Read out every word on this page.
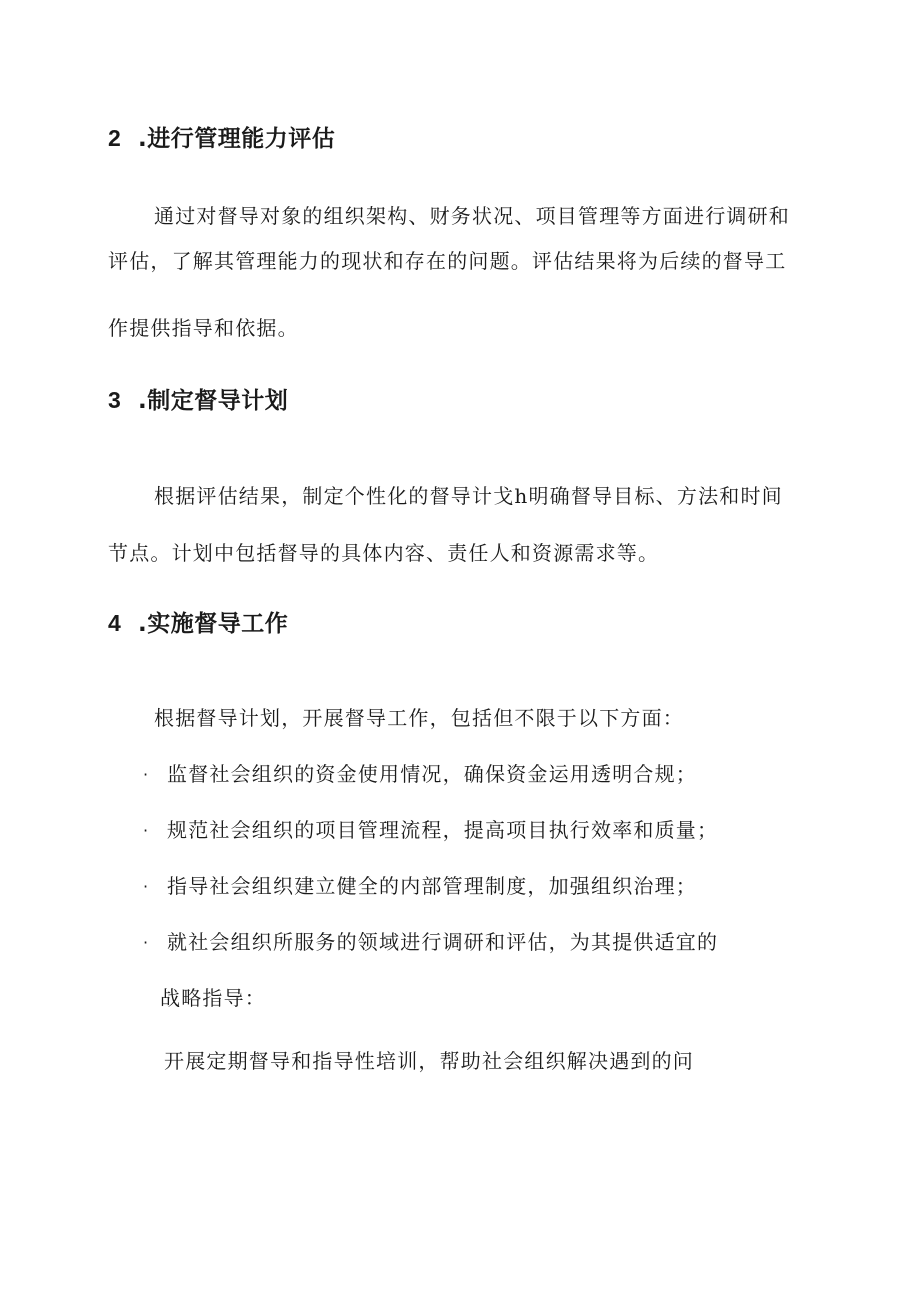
2 .进行管理能力评估
通过对督导对象的组织架构、财务状况、项目管理等方面进行调研和
评估，了解其管理能力的现状和存在的问题。评估结果将为后续的督导工
作提供指导和依据。
3 .制定督导计划
根据评估结果，制定个性化的督导计戈h明确督导目标、方法和时间
节点。计划中包括督导的具体内容、责任人和资源需求等。
4 .实施督导工作
根据督导计划，开展督导工作，包括但不限于以下方面：
· 监督社会组织的资金使用情况，确保资金运用透明合规；
· 规范社会组织的项目管理流程，提高项目执行效率和质量；
· 指导社会组织建立健全的内部管理制度，加强组织治理；
· 就社会组织所服务的领域进行调研和评估，为其提供适宜的
战略指导：
开展定期督导和指导性培训，帮助社会组织解决遇到的问
